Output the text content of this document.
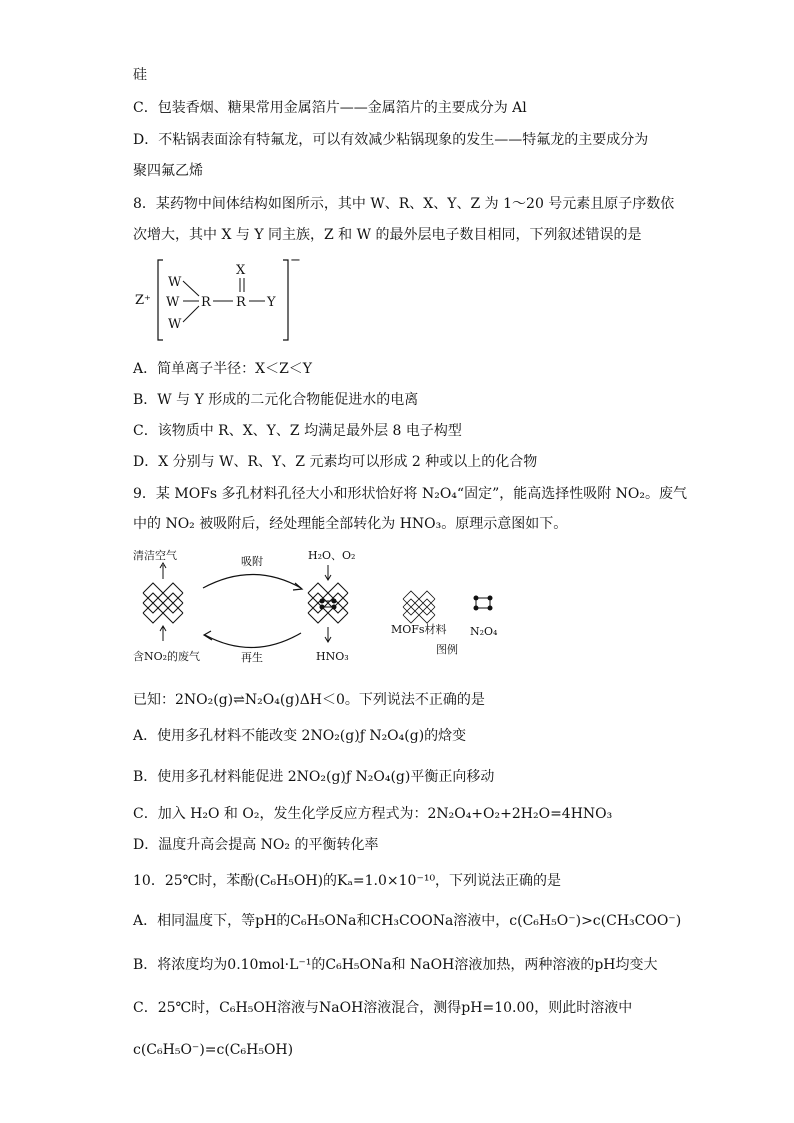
硅
C．包装香烟、糖果常用金属箔片——金属箔片的主要成分为 Al
D．不粘锅表面涂有特氟龙，可以有效减少粘锅现象的发生——特氟龙的主要成分为
聚四氟乙烯
8．某药物中间体结构如图所示，其中 W、R、X、Y、Z 为 1～20 号元素且原子序数依
次增大，其中 X 与 Y 同主族，Z 和 W 的最外层电子数目相同，下列叙述错误的是
Z⁺
−
W
W
W
R R
X
Y
A．简单离子半径：X＜Z＜Y
B．W 与 Y 形成的二元化合物能促进水的电离
C．该物质中 R、X、Y、Z 均满足最外层 8 电子构型
D．X 分别与 W、R、Y、Z 元素均可以形成 2 种或以上的化合物
9．某 MOFs 多孔材料孔径大小和形状恰好将 N₂O₄“固定”，能高选择性吸附 NO₂。废气
中的 NO₂ 被吸附后，经处理能全部转化为 HNO₃。原理示意图如下。
清洁空气
含NO₂的废气
吸附
再生
H₂O、O₂
HNO₃
MOFs材料 N₂O₄
图例
已知：2NO₂(g)⇌N₂O₄(g)ΔH＜0。下列说法不正确的是
A．使用多孔材料不能改变 2NO₂(g)ƒ N₂O₄(g)的焓变
B．使用多孔材料能促进 2NO₂(g)ƒ N₂O₄(g)平衡正向移动
C．加入 H₂O 和 O₂，发生化学反应方程式为：2N₂O₄+O₂+2H₂O=4HNO₃
D．温度升高会提高 NO₂ 的平衡转化率
10．25℃时，苯酚(C₆H₅OH)的Kₐ=1.0×10⁻¹⁰，下列说法正确的是
A．相同温度下，等pH的C₆H₅ONa和CH₃COONa溶液中，c(C₆H₅O⁻)>c(CH₃COO⁻)
B．将浓度均为0.10mol·L⁻¹的C₆H₅ONa和 NaOH溶液加热，两种溶液的pH均变大
C．25℃时，C₆H₅OH溶液与NaOH溶液混合，测得pH=10.00，则此时溶液中
c(C₆H₅O⁻)=c(C₆H₅OH)
